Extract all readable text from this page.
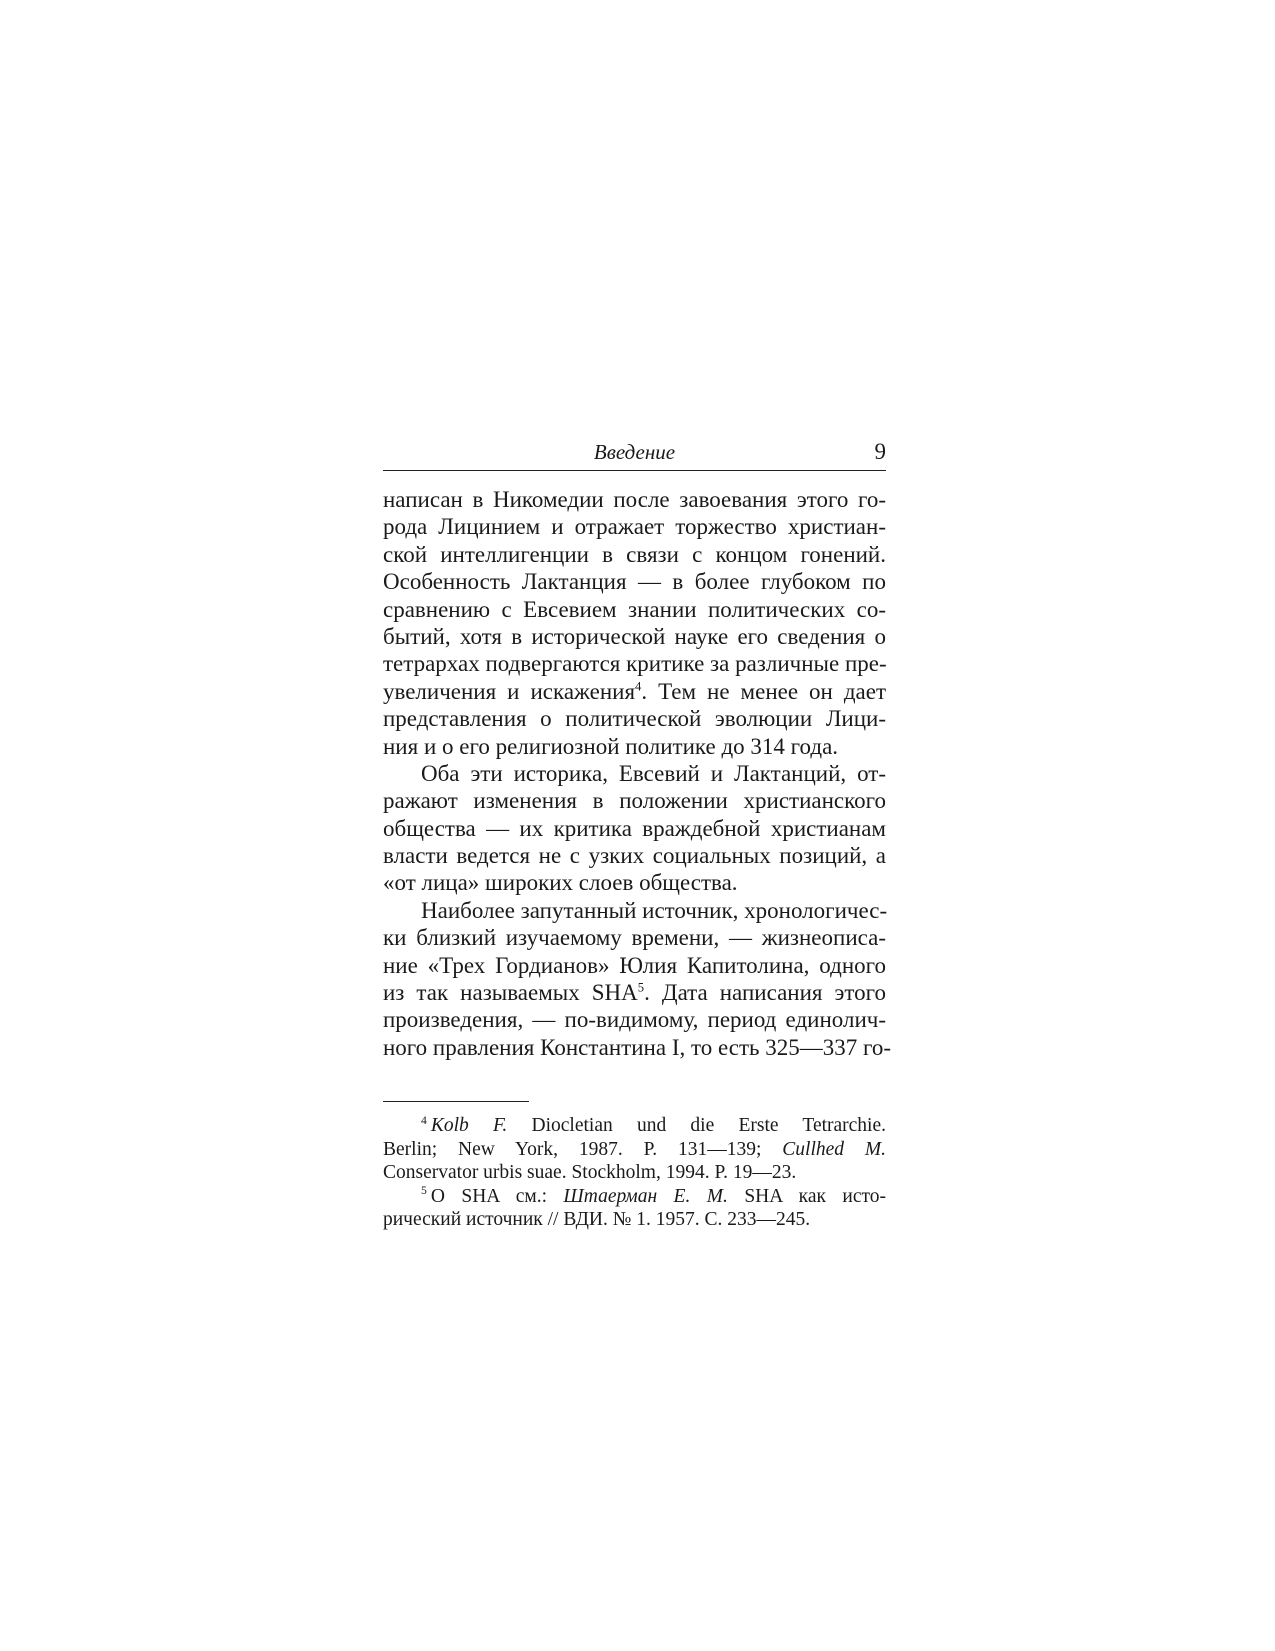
Введение	9
написан в Никомедии после завоевания этого го-
рода Лицинием и отражает торжество христиан-
ской интеллигенции в связи с концом гонений.
Особенность Лактанция — в более глубоком по
сравнению с Евсевием знании политических со-
бытий, хотя в исторической науке его сведения о
тетрархах подвергаются критике за различные пре-
увеличения и искажения$^4$. Тем не менее он дает
представления о политической эволюции Лици-
ния и о его религиозной политике до 314 года.
Оба эти историка, Евсевий и Лактанций, от-
ражают изменения в положении христианского
общества — их критика враждебной христианам
власти ведется не с узких социальных позиций, а
«от лица» широких слоев общества.
Наиболее запутанный источник, хронологичес-
ки близкий изучаемому времени, — жизнеописа-
ние «Трех Гордианов» Юлия Капитолина, одного
из так называемых SHA$^5$. Дата написания этого
произведения, — по-видимому, период единолич-
ного правления Константина I, то есть 325—337 го-
$^4$ Kolb F. Diocletian und die Erste Tetrarchie.
Berlin; New York, 1987. P. 131—139; Cullhed M.
Conservator urbis suae. Stockholm, 1994. P. 19—23.
$^5$ О SHA см.: Штаерман Е. М. SHA как исто-
рический источник // ВДИ. № 1. 1957. С. 233—245.
